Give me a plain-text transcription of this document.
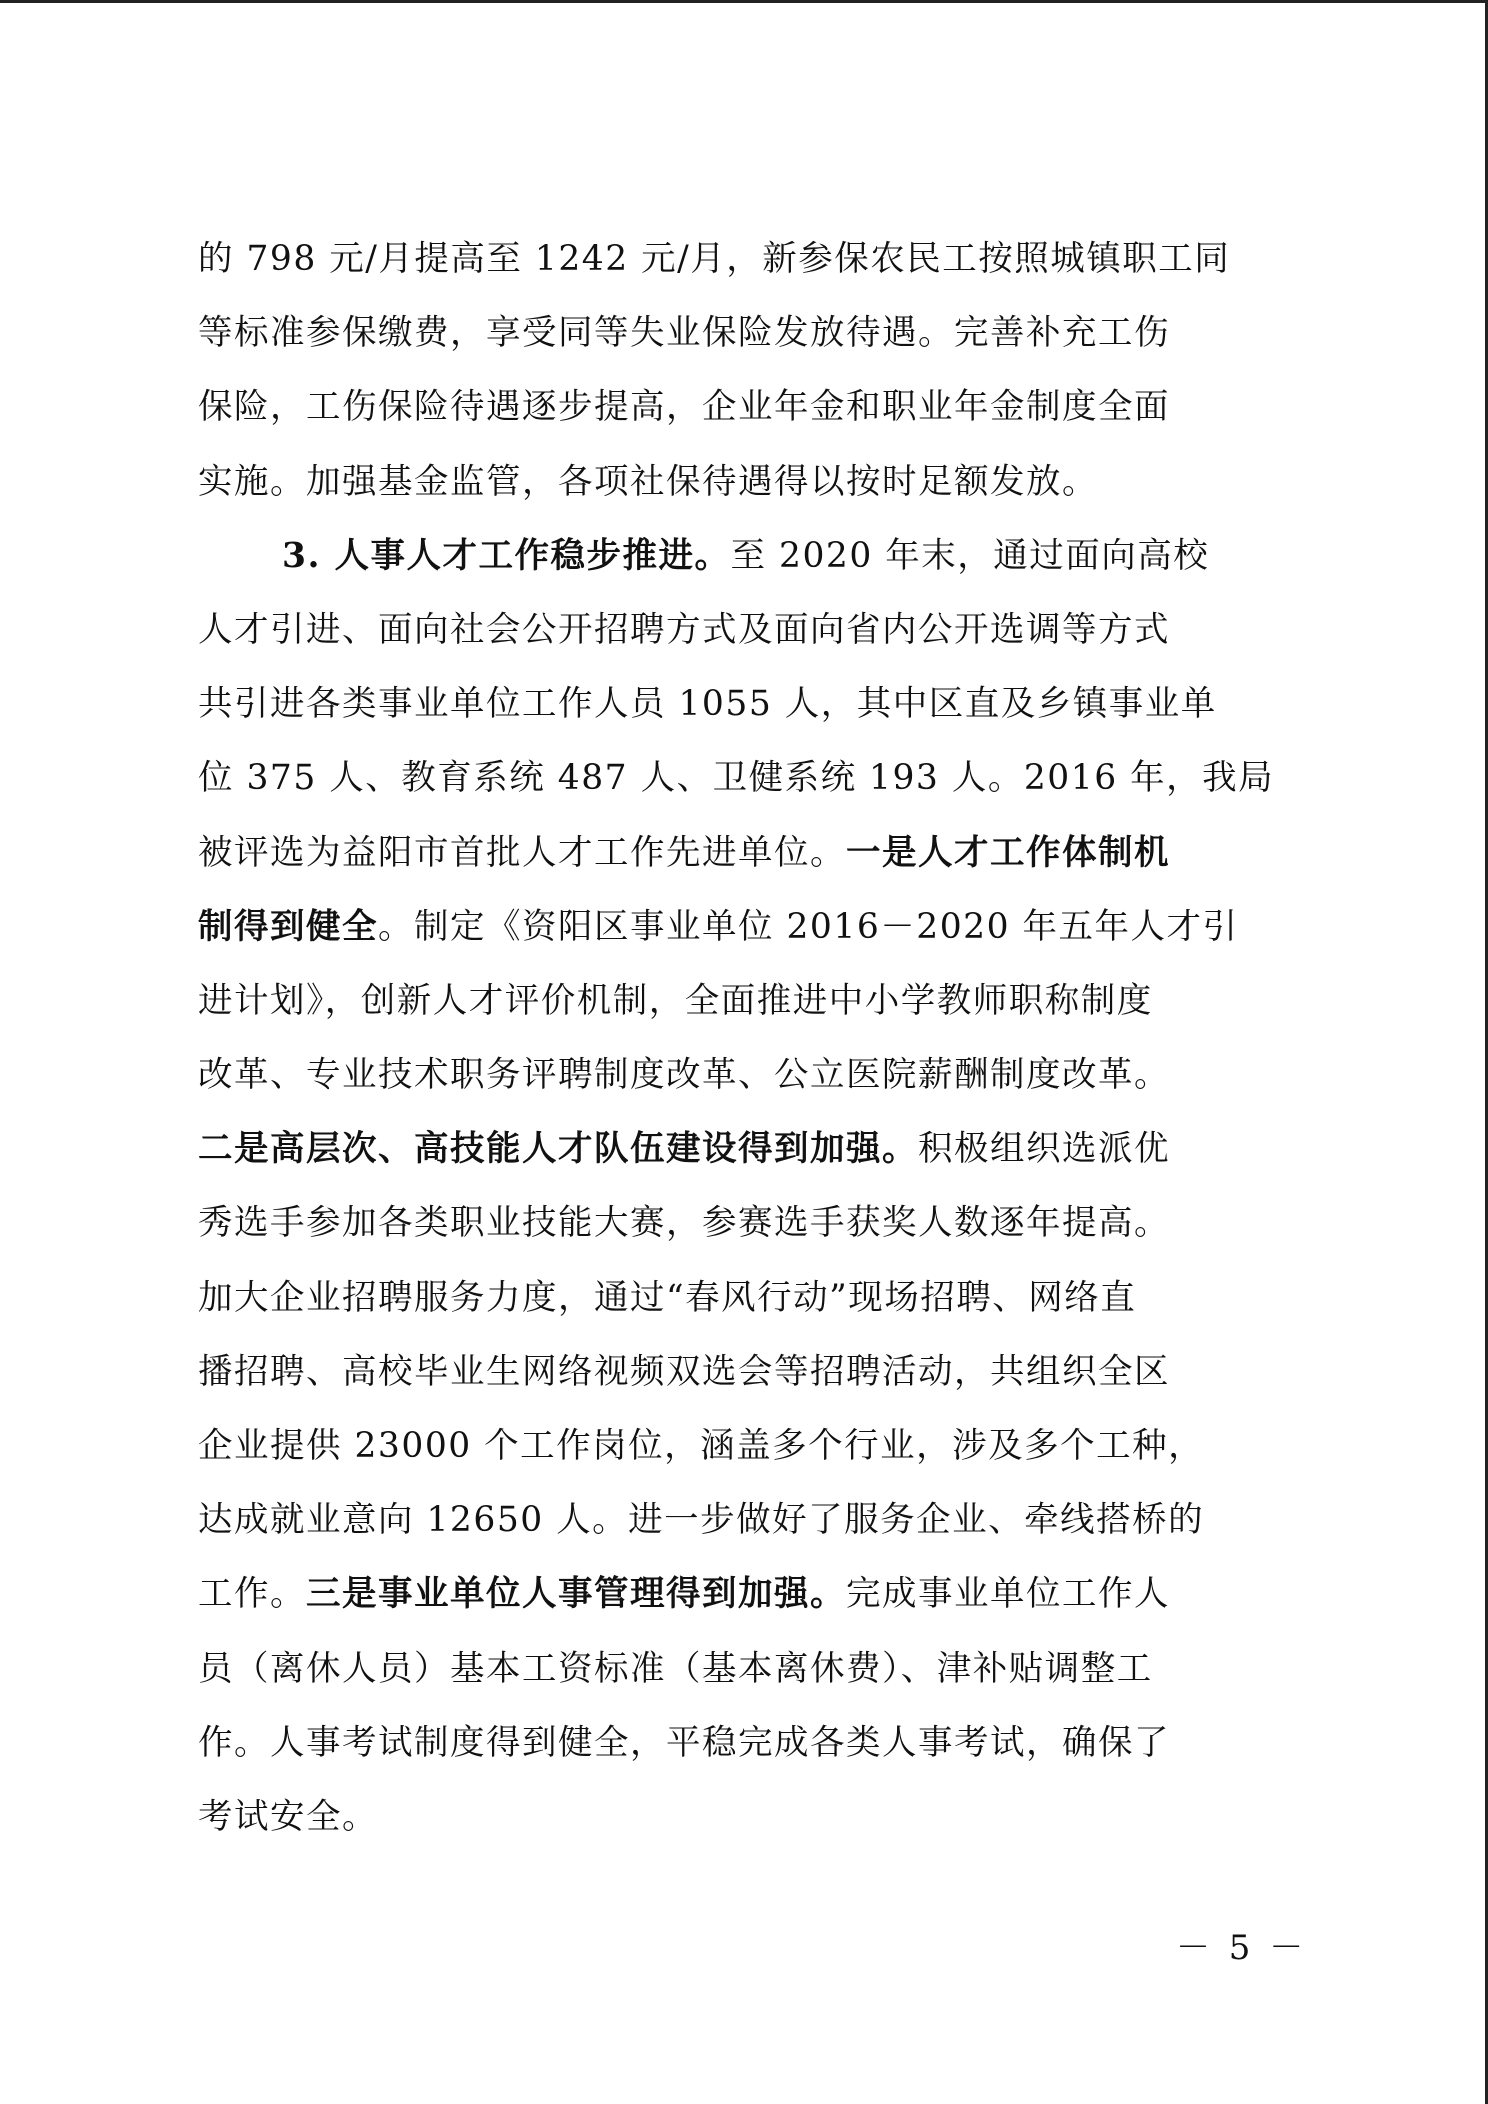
的 798 元/月提高至 1242 元/月，新参保农民工按照城镇职工同
等标准参保缴费，享受同等失业保险发放待遇。完善补充工伤
保险，工伤保险待遇逐步提高，企业年金和职业年金制度全面
实施。加强基金监管，各项社保待遇得以按时足额发放。
3. 人事人才工作稳步推进。至 2020 年末，通过面向高校
人才引进、面向社会公开招聘方式及面向省内公开选调等方式
共引进各类事业单位工作人员 1055 人，其中区直及乡镇事业单
位 375 人、教育系统 487 人、卫健系统 193 人。2016 年，我局
被评选为益阳市首批人才工作先进单位。一是人才工作体制机
制得到健全。制定《资阳区事业单位 2016－2020 年五年人才引
进计划》，创新人才评价机制，全面推进中小学教师职称制度
改革、专业技术职务评聘制度改革、公立医院薪酬制度改革。
二是高层次、高技能人才队伍建设得到加强。积极组织选派优
秀选手参加各类职业技能大赛，参赛选手获奖人数逐年提高。
加大企业招聘服务力度，通过“春风行动”现场招聘、网络直
播招聘、高校毕业生网络视频双选会等招聘活动，共组织全区
企业提供 23000 个工作岗位，涵盖多个行业，涉及多个工种，
达成就业意向 12650 人。进一步做好了服务企业、牵线搭桥的
工作。三是事业单位人事管理得到加强。完成事业单位工作人
员（离休人员）基本工资标准（基本离休费）、津补贴调整工
作。人事考试制度得到健全，平稳完成各类人事考试，确保了
考试安全。
－ 5 －
